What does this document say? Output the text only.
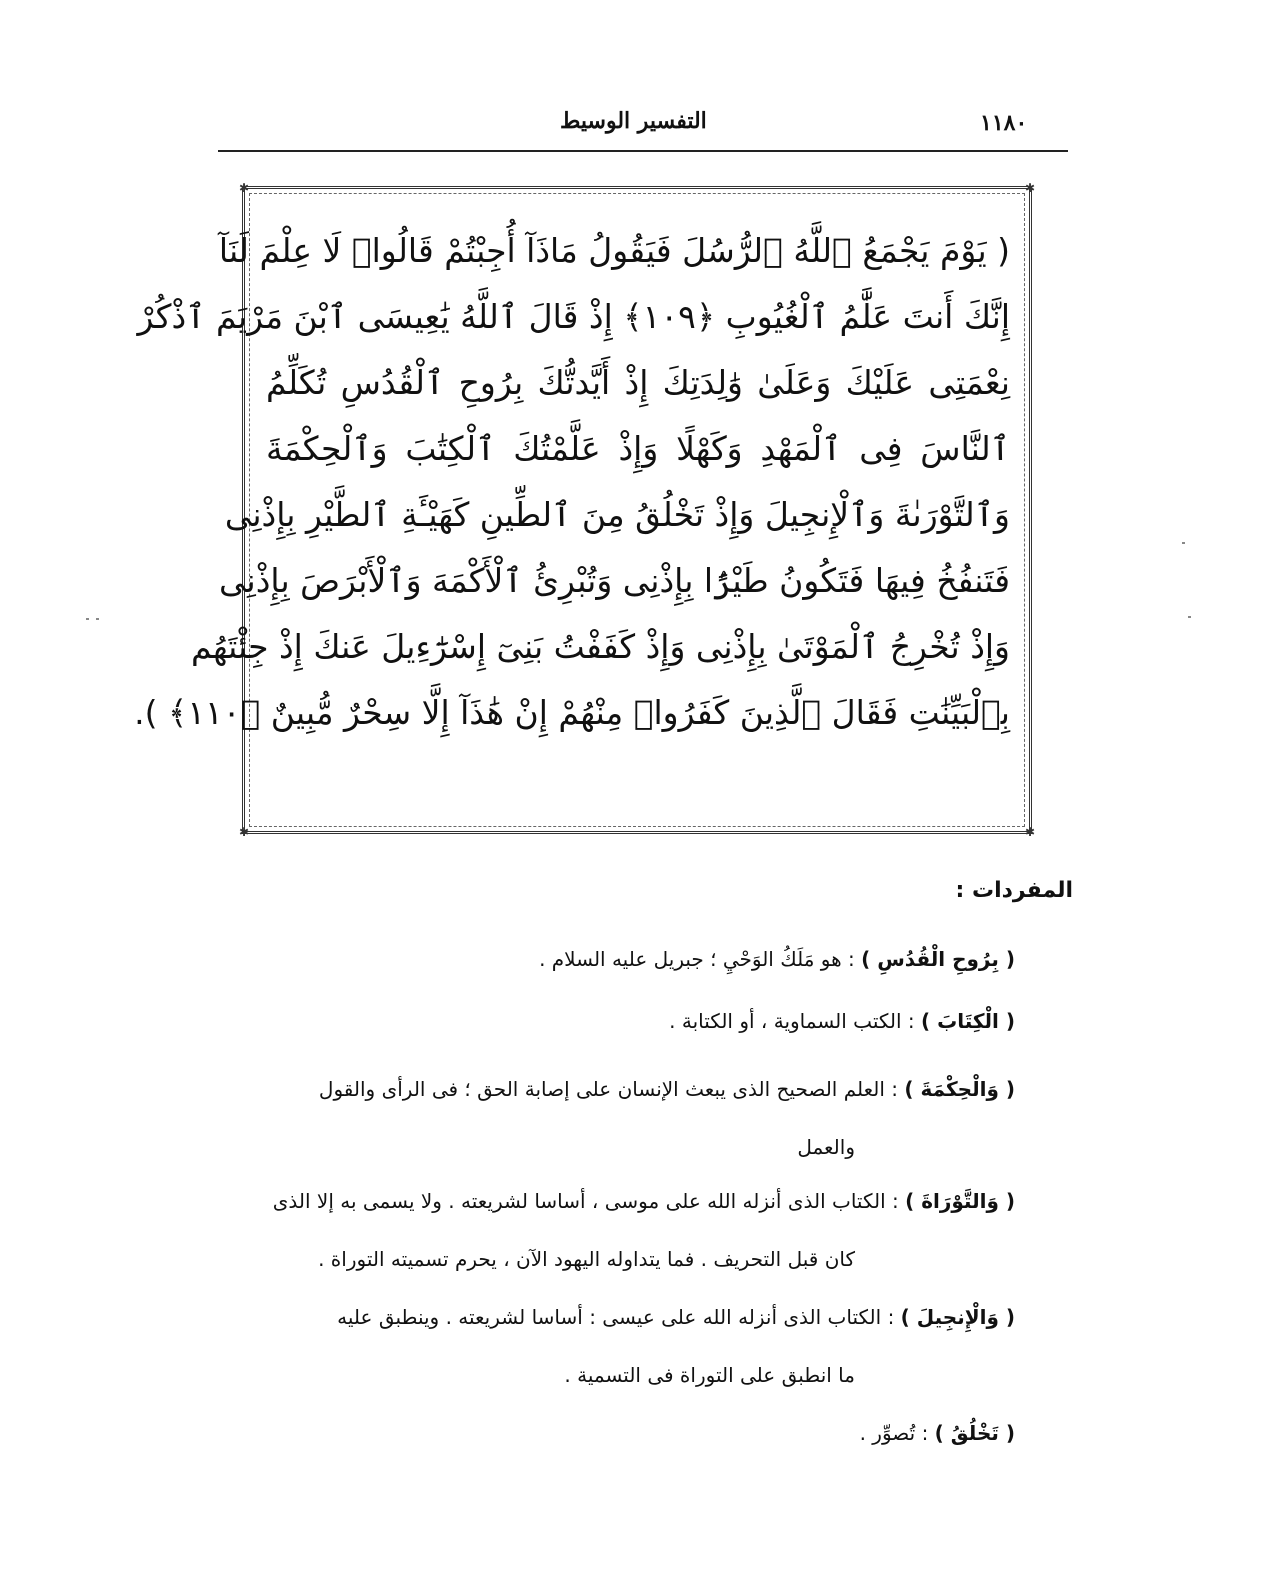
١١٨٠
التفسير الوسيط
✱	✱
✱	✱
( يَوْمَ يَجْمَعُ ٱللَّهُ ٱلرُّسُلَ فَيَقُولُ مَاذَآ أُجِبْتُمْ قَالُوا۟ لَا عِلْمَ لَنَآ
إِنَّكَ أَنتَ عَلَّٰمُ ٱلْغُيُوبِ ﴿١٠٩﴾ إِذْ قَالَ ٱللَّهُ يَٰعِيسَى ٱبْنَ مَرْيَمَ ٱذْكُرْ
نِعْمَتِى عَلَيْكَ وَعَلَىٰ وَٰلِدَتِكَ إِذْ أَيَّدتُّكَ بِرُوحِ ٱلْقُدُسِ تُكَلِّمُ
ٱلنَّاسَ فِى ٱلْمَهْدِ وَكَهْلًا وَإِذْ عَلَّمْتُكَ ٱلْكِتَٰبَ وَٱلْحِكْمَةَ
وَٱلتَّوْرَىٰةَ وَٱلْإِنجِيلَ وَإِذْ تَخْلُقُ مِنَ ٱلطِّينِ كَهَيْـَٔةِ ٱلطَّيْرِ بِإِذْنِى
فَتَنفُخُ فِيهَا فَتَكُونُ طَيْرًۢا بِإِذْنِى وَتُبْرِئُ ٱلْأَكْمَهَ وَٱلْأَبْرَصَ بِإِذْنِى
وَإِذْ تُخْرِجُ ٱلْمَوْتَىٰ بِإِذْنِى وَإِذْ كَفَفْتُ بَنِىٓ إِسْرَٰٓءِيلَ عَنكَ إِذْ جِئْتَهُم
بِٱلْبَيِّنَٰتِ فَقَالَ ٱلَّذِينَ كَفَرُوا۟ مِنْهُمْ إِنْ هَٰذَآ إِلَّا سِحْرٌ مُّبِينٌ ﴿١١٠﴾ ).
المفردات :
( بِرُوحِ الْقُدُسِ ) : هو مَلَكُ الوَحْيِ ؛ جبريل عليه السلام .
( الْكِتَابَ ) : الكتب السماوية ، أو الكتابة .
( وَالْحِكْمَةَ ) : العلم الصحيح الذى يبعث الإنسان على إصابة الحق ؛ فى الرأى والقول
والعمل
( وَالتَّوْرَاةَ ) : الكتاب الذى أنزله الله على موسى ، أساسا لشريعته . ولا يسمى به إلا الذى
كان قبل التحريف . فما يتداوله اليهود الآن ، يحرم تسميته التوراة .
( وَالْإِنجِيلَ ) : الكتاب الذى أنزله الله على عيسى : أساسا لشريعته . وينطبق عليه
ما انطبق على التوراة فى التسمية .
( تَخْلُقُ ) : تُصوِّر .
